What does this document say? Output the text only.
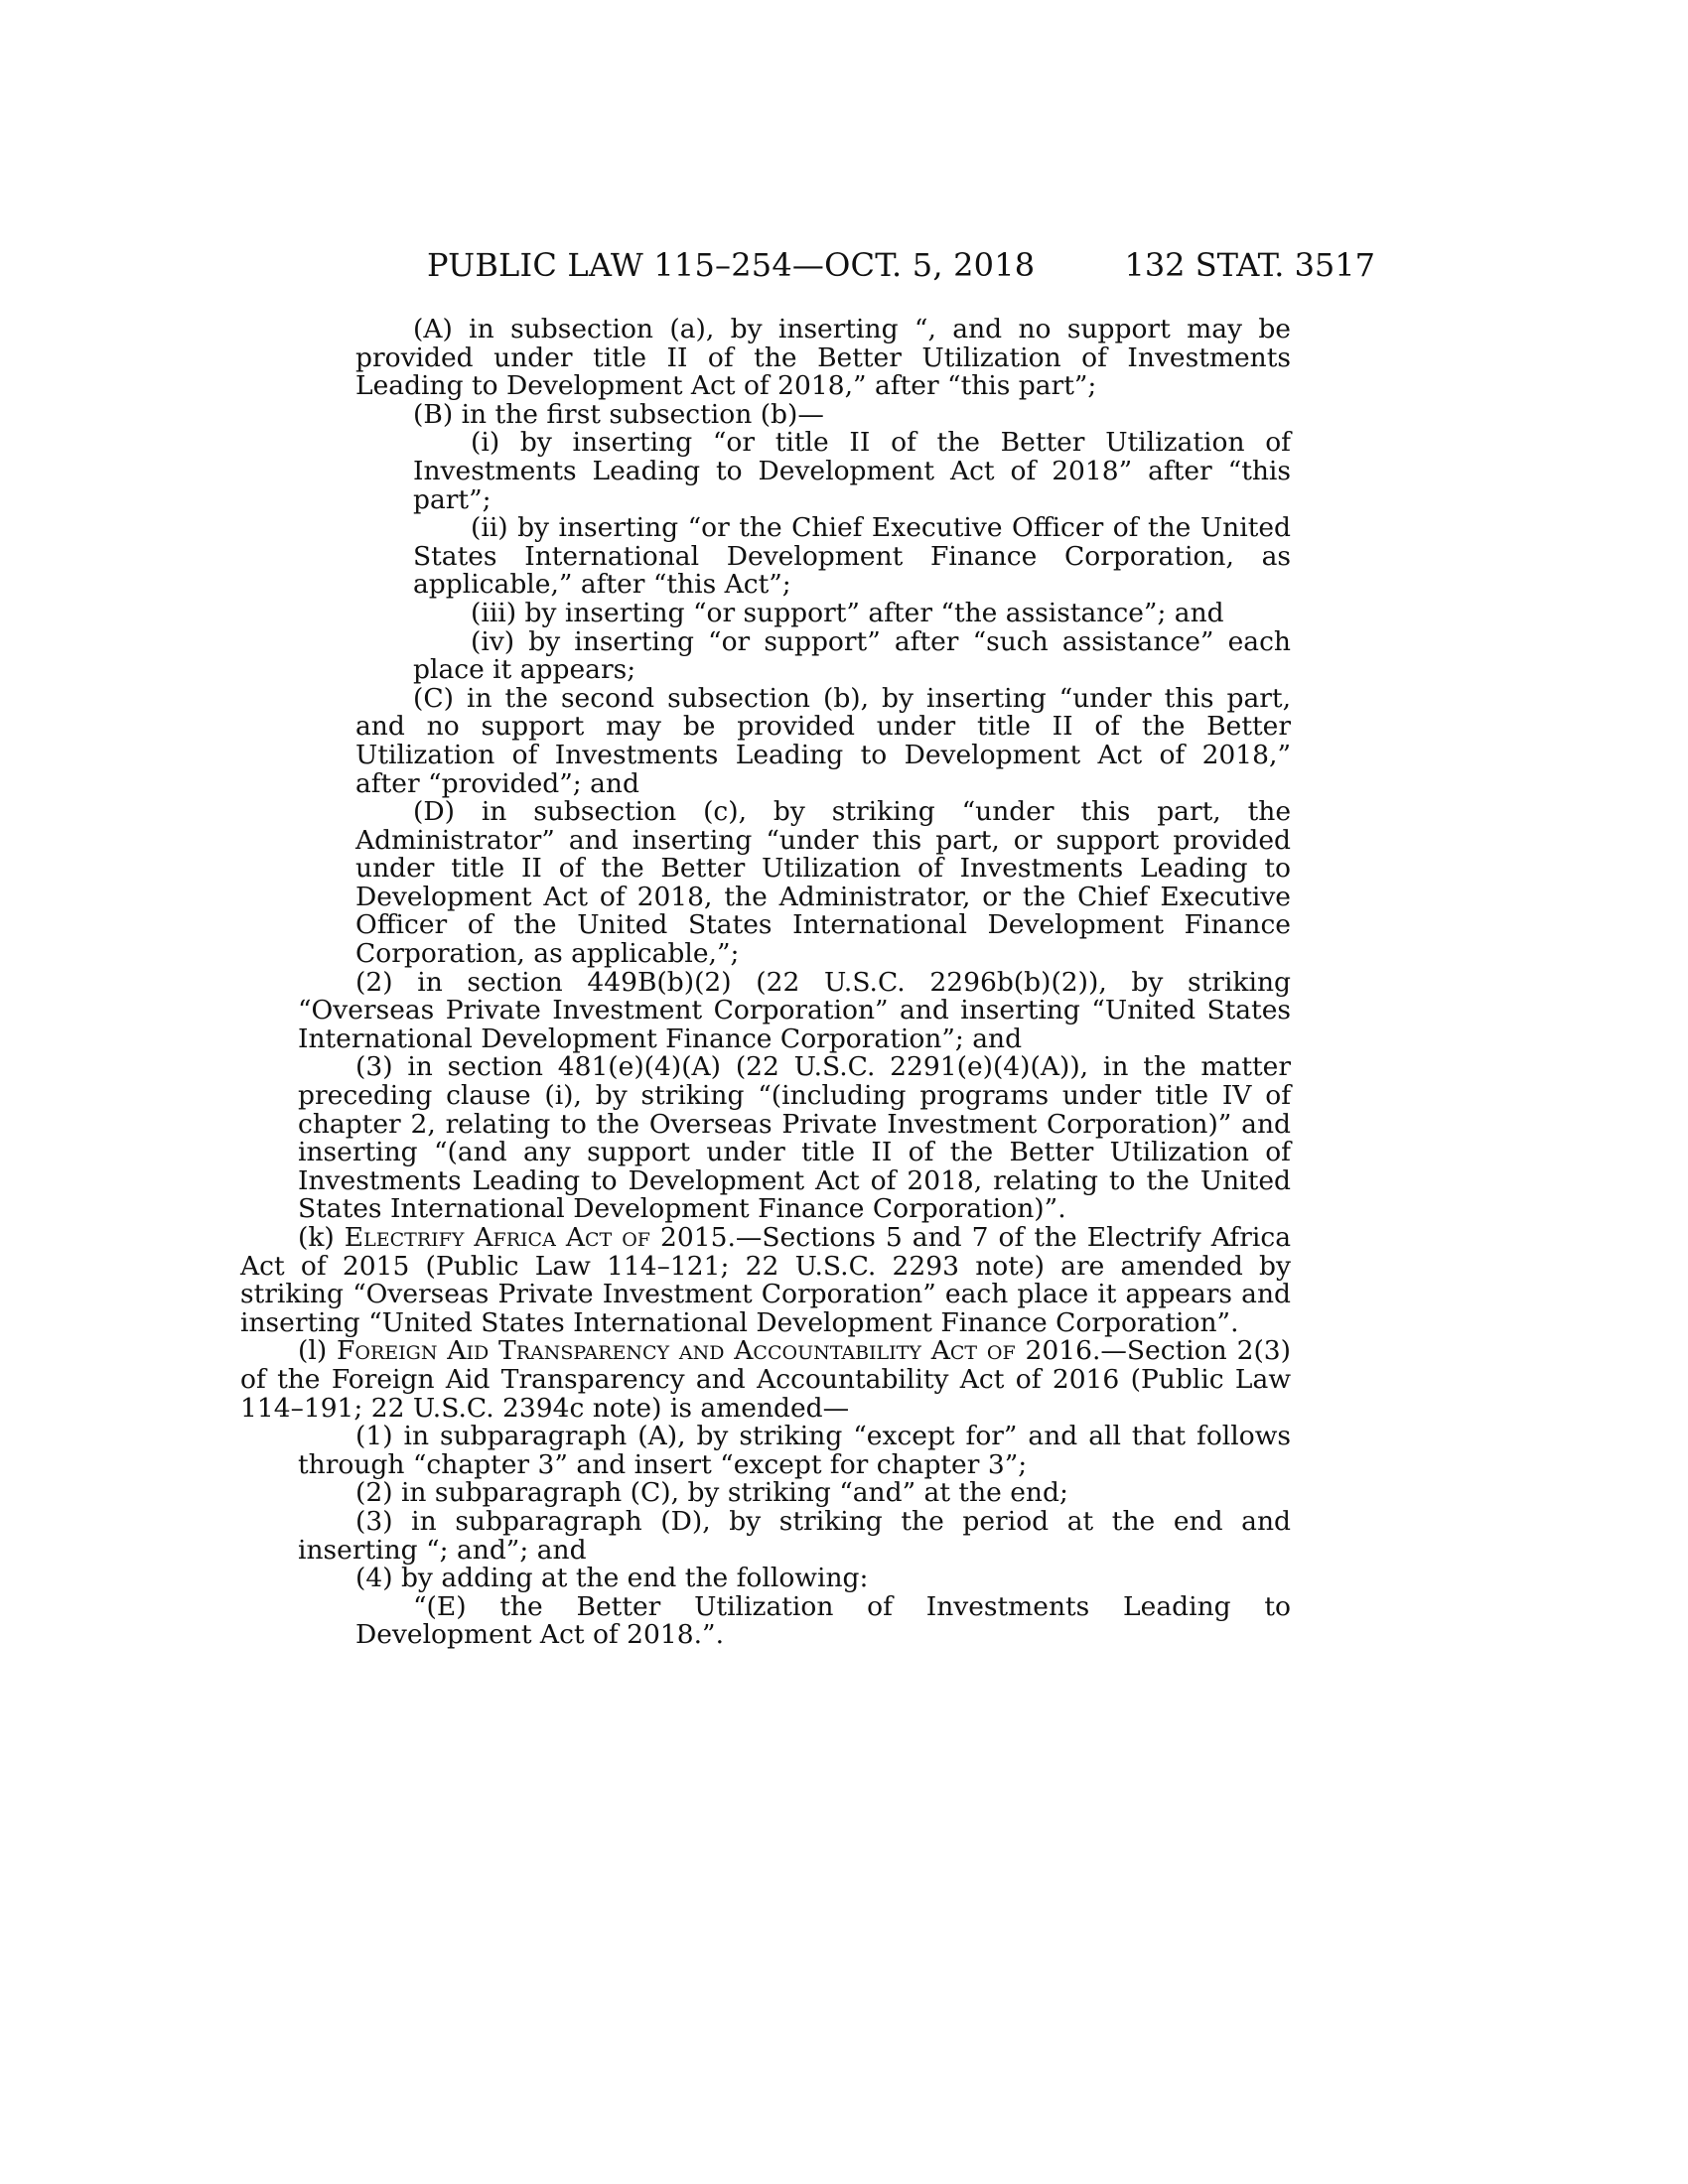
PUBLIC LAW 115–254—OCT. 5, 2018	132 STAT. 3517

(A) in subsection (a), by inserting “, and no support may be provided under title II of the Better Utilization of Investments Leading to Development Act of 2018,” after “this part”;

(B) in the first subsection (b)—

(i) by inserting “or title II of the Better Utilization of Investments Leading to Development Act of 2018” after “this part”;

(ii) by inserting “or the Chief Executive Officer of the United States International Development Finance Corporation, as applicable,” after “this Act”;

(iii) by inserting “or support” after “the assistance”; and

(iv) by inserting “or support” after “such assistance” each place it appears;

(C) in the second subsection (b), by inserting “under this part, and no support may be provided under title II of the Better Utilization of Investments Leading to Development Act of 2018,” after “provided”; and

(D) in subsection (c), by striking “under this part, the Administrator” and inserting “under this part, or support provided under title II of the Better Utilization of Investments Leading to Development Act of 2018, the Administrator, or the Chief Executive Officer of the United States International Development Finance Corporation, as applicable,”;

(2) in section 449B(b)(2) (22 U.S.C. 2296b(b)(2)), by striking “Overseas Private Investment Corporation” and inserting “United States International Development Finance Corporation”; and

(3) in section 481(e)(4)(A) (22 U.S.C. 2291(e)(4)(A)), in the matter preceding clause (i), by striking “(including programs under title IV of chapter 2, relating to the Overseas Private Investment Corporation)” and inserting “(and any support under title II of the Better Utilization of Investments Leading to Development Act of 2018, relating to the United States International Development Finance Corporation)”.

(k) Electrify Africa Act of 2015.—Sections 5 and 7 of the Electrify Africa Act of 2015 (Public Law 114–121; 22 U.S.C. 2293 note) are amended by striking “Overseas Private Investment Corporation” each place it appears and inserting “United States International Development Finance Corporation”.

(l) Foreign Aid Transparency and Accountability Act of 2016.—Section 2(3) of the Foreign Aid Transparency and Accountability Act of 2016 (Public Law 114–191; 22 U.S.C. 2394c note) is amended—

(1) in subparagraph (A), by striking “except for” and all that follows through “chapter 3” and insert “except for chapter 3”;

(2) in subparagraph (C), by striking “and” at the end;

(3) in subparagraph (D), by striking the period at the end and inserting “; and”; and

(4) by adding at the end the following:

“(E) the Better Utilization of Investments Leading to Development Act of 2018.”.
